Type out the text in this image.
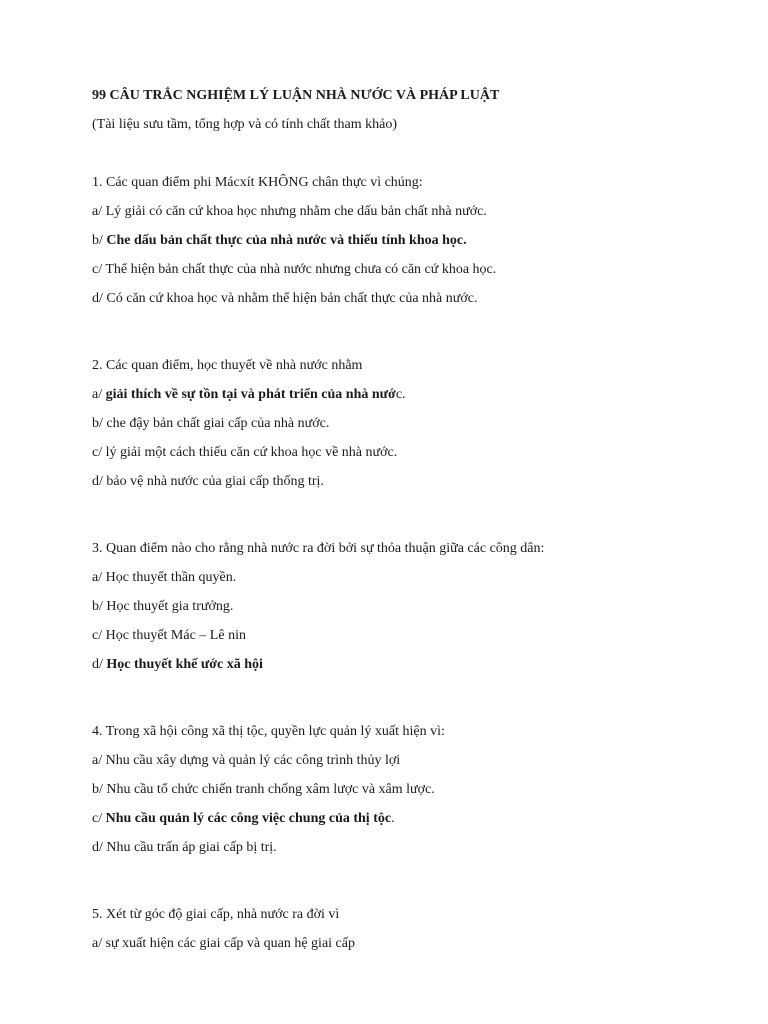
99 CÂU TRẮC NGHIỆM LÝ LUẬN NHÀ NƯỚC VÀ PHÁP LUẬT
(Tài liệu sưu tầm, tổng hợp và có tính chất tham khảo)
1. Các quan điểm phi Mácxít KHÔNG chân thực vì chúng:
a/ Lý giải có căn cứ khoa học nhưng nhằm che dấu bản chất nhà nước.
b/ Che dấu bản chất thực của nhà nước và thiếu tính khoa học.
c/ Thể hiện bản chất thực của nhà nước nhưng chưa có căn cứ khoa học.
d/ Có căn cứ khoa học và nhằm thể hiện bản chất thực của nhà nước.
2. Các quan điểm, học thuyết về nhà nước nhằm
a/ giải thích về sự tồn tại và phát triển của nhà nước.
b/ che đậy bản chất giai cấp của nhà nước.
c/ lý giải một cách thiếu căn cứ khoa học về nhà nước.
d/ bảo vệ nhà nước của giai cấp thống trị.
3. Quan điểm nào cho rằng nhà nước ra đời bởi sự thỏa thuận giữa các công dân:
a/ Học thuyết thần quyền.
b/ Học thuyết gia trưởng.
c/ Học thuyết Mác – Lê nin
d/ Học thuyết khế ước xã hội
4. Trong xã hội công xã thị tộc, quyền lực quản lý xuất hiện vì:
a/ Nhu cầu xây dựng và quản lý các công trình thủy lợi
b/ Nhu cầu tổ chức chiến tranh chống xâm lược và xâm lược.
c/ Nhu cầu quản lý các công việc chung của thị tộc.
d/ Nhu cầu trấn áp giai cấp bị trị.
5. Xét từ góc độ giai cấp, nhà nước ra đời vì
a/ sự xuất hiện các giai cấp và quan hệ giai cấp
